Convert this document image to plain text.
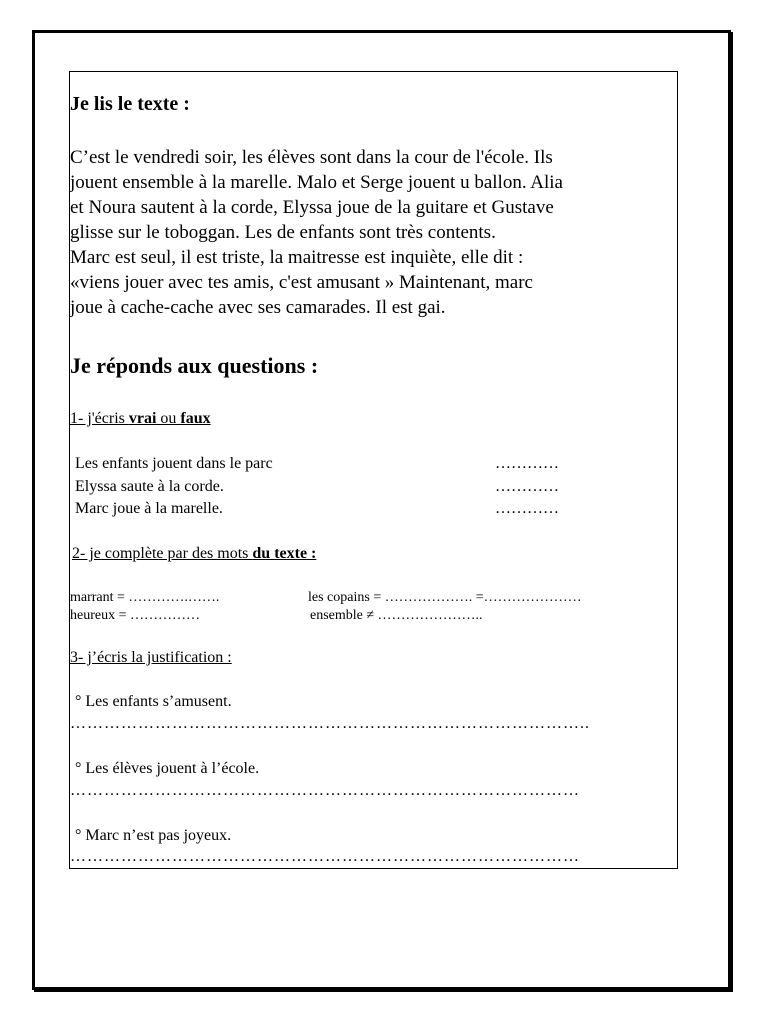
Je lis le texte :
C’est le vendredi soir, les élèves sont dans la cour de l'école. Ils
jouent ensemble à la marelle. Malo et Serge jouent u ballon. Alia
et Noura sautent à la corde, Elyssa joue de la guitare et Gustave
glisse sur le toboggan. Les de enfants sont très contents.
Marc est seul, il est triste, la maitresse est inquiète, elle dit :
«viens jouer avec tes amis, c'est amusant » Maintenant, marc
joue à cache-cache avec ses camarades. Il est gai.
Je réponds aux questions :
1- j'écris vrai ou faux
Les enfants jouent dans le parc	…………
Elyssa saute à la corde.	…………
Marc joue à la marelle.	…………
2- je complète par des mots du texte :
marrant = ………….…….	les copains = ………………. =…………………
heureux = ……………	ensemble ≠ …………………..
3- j’écris la justification :
° Les enfants s’amusent.
………………………………………………………………………………..
° Les élèves jouent à l’école.
………………………………………………………………………………
° Marc n’est pas joyeux.
………………………………………………………………………………
